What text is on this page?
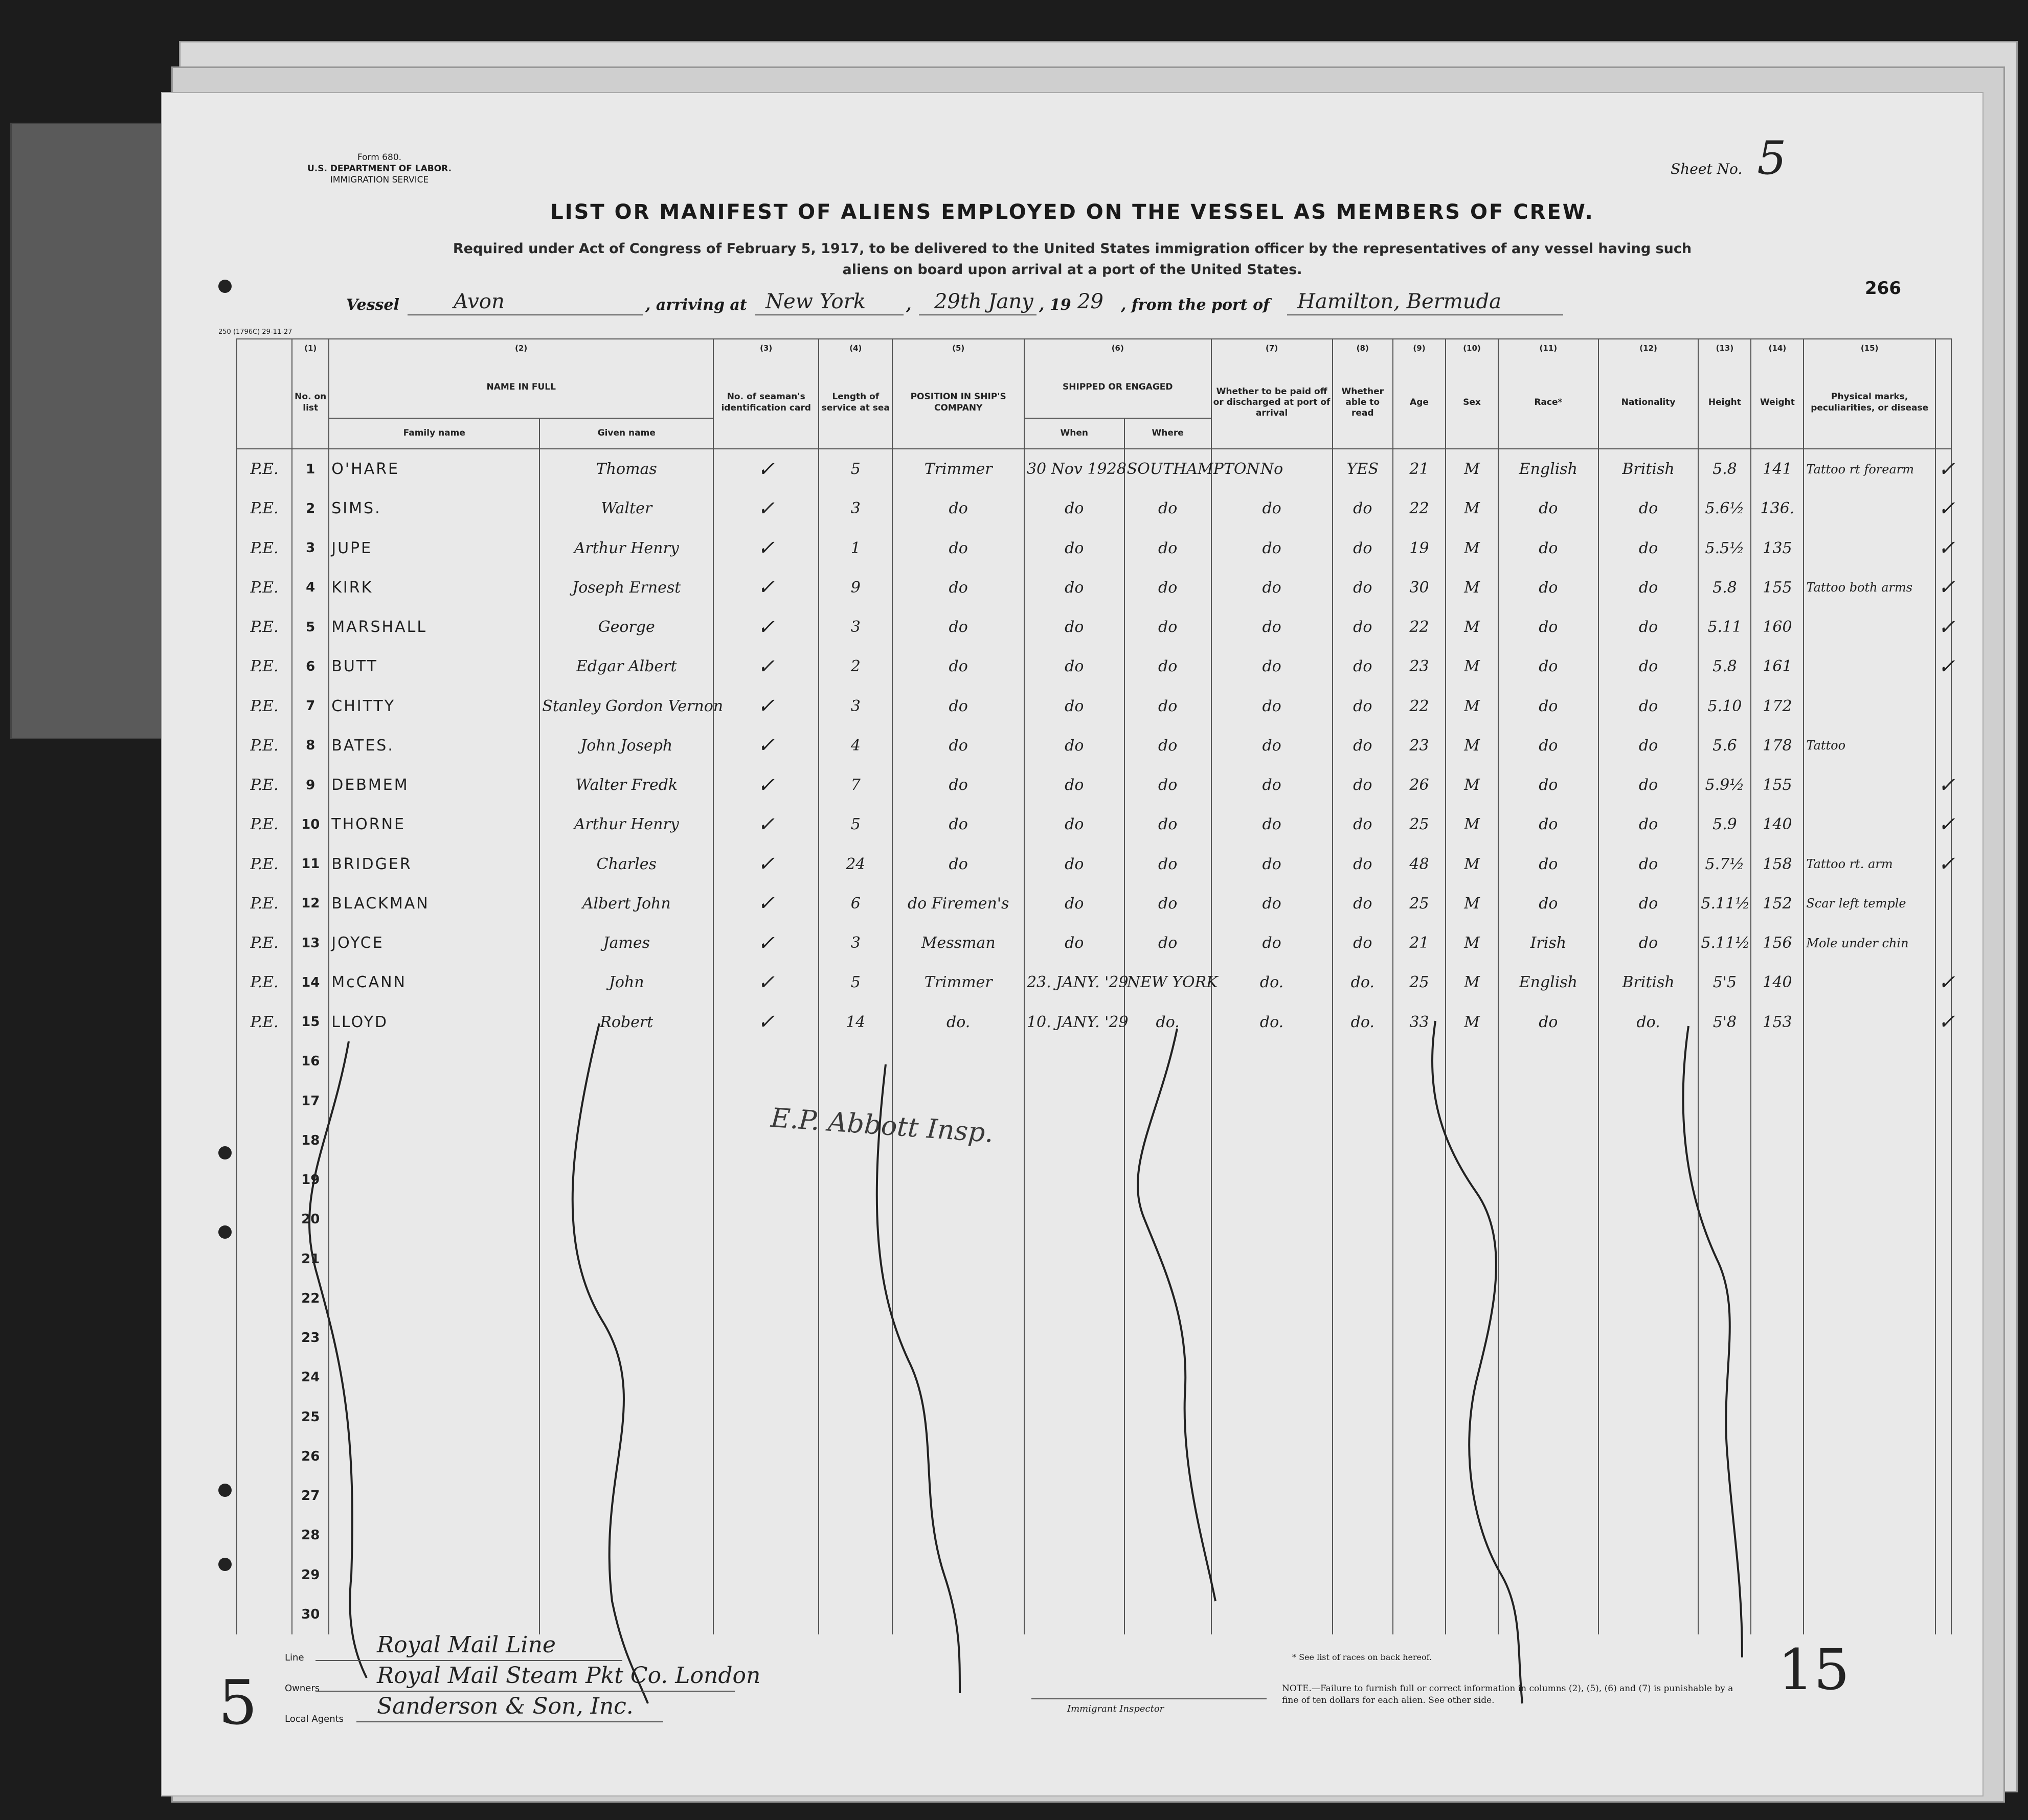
Form 680.
U.S. DEPARTMENT OF LABOR.
IMMIGRATION SERVICE
Sheet No. 5
LIST OR MANIFEST OF ALIENS EMPLOYED ON THE VESSEL AS MEMBERS OF CREW.
Required under Act of Congress of February 5, 1917, to be delivered to the United States immigration officer by the representatives of any vessel having such
aliens on board upon arrival at a port of the United States.
266
Vessel	Avon	, arriving at New York	, 29th Jany , 19 29 , from the port of Hamilton, Bermuda
250 (1796C) 29-11-27
	(1)	(2)		(3)	(4)	(5)	(6)		(7)	(8)	(9)	(10)	(11)	(12)	(13)	(14)	(15)	
	No. on list	NAME IN FULL		No. of seaman's identification card	Length of service at sea	POSITION IN SHIP'S COMPANY	SHIPPED OR ENGAGED		Whether to be paid off or discharged at port of arrival	Whether able to read	Age	Sex	Race*	Nationality	Height	Weight	Physical marks, peculiarities, or disease	
		Family name	Given name				When	Where										
P.E.	1	O'HARE	Thomas	✓	5	Trimmer	30 Nov 1928	SOUTHAMPTON	No	YES	21	M	English	British	5.8	141	Tattoo rt forearm	✓
P.E.	2	SIMS.	Walter	✓	3	do	do	do	do	do	22	M	do	do	5.6½	136.		✓
P.E.	3	JUPE	Arthur Henry	✓	1	do	do	do	do	do	19	M	do	do	5.5½	135		✓
P.E.	4	KIRK	Joseph Ernest	✓	9	do	do	do	do	do	30	M	do	do	5.8	155	Tattoo both arms	✓
P.E.	5	MARSHALL	George	✓	3	do	do	do	do	do	22	M	do	do	5.11	160		✓
P.E.	6	BUTT	Edgar Albert	✓	2	do	do	do	do	do	23	M	do	do	5.8	161		✓
P.E.	7	CHITTY	Stanley Gordon Vernon	✓	3	do	do	do	do	do	22	M	do	do	5.10	172		
P.E.	8	BATES.	John Joseph	✓	4	do	do	do	do	do	23	M	do	do	5.6	178	Tattoo	
P.E.	9	DEBMEM	Walter Fredk	✓	7	do	do	do	do	do	26	M	do	do	5.9½	155		✓
P.E.	10	THORNE	Arthur Henry	✓	5	do	do	do	do	do	25	M	do	do	5.9	140		✓
P.E.	11	BRIDGER	Charles	✓	24	do	do	do	do	do	48	M	do	do	5.7½	158	Tattoo rt. arm	✓
P.E.	12	BLACKMAN	Albert John	✓	6	do Firemen's	do	do	do	do	25	M	do	do	5.11½	152	Scar left temple	
P.E.	13	JOYCE	James	✓	3	Messman	do	do	do	do	21	M	Irish	do	5.11½	156	Mole under chin	
P.E.	14	McCANN	John	✓	5	Trimmer	23. JANY. '29	NEW YORK	do.	do.	25	M	English	British	5'5	140		✓
P.E.	15	LLOYD	Robert	✓	14	do.	10. JANY. '29	do.	do.	do.	33	M	do	do.	5'8	153		✓
	16																	
	17																	
	18																	
	19																	
	20																	
	21																	
	22																	
	23																	
	24																	
	25																	
	26																	
	27																	
	28																	
	29																	
	30																	
E.P. Abbott Insp.
Line	Royal Mail Line
Owners	Royal Mail Steam Pkt Co. London
Local Agents Sanderson & Son, Inc.	Immigrant Inspector
* See list of races on back hereof.
NOTE.—Failure to furnish full or correct information in columns (2), (5), (6) and (7) is punishable by a fine of ten dollars for each alien. See other side.
5	15
